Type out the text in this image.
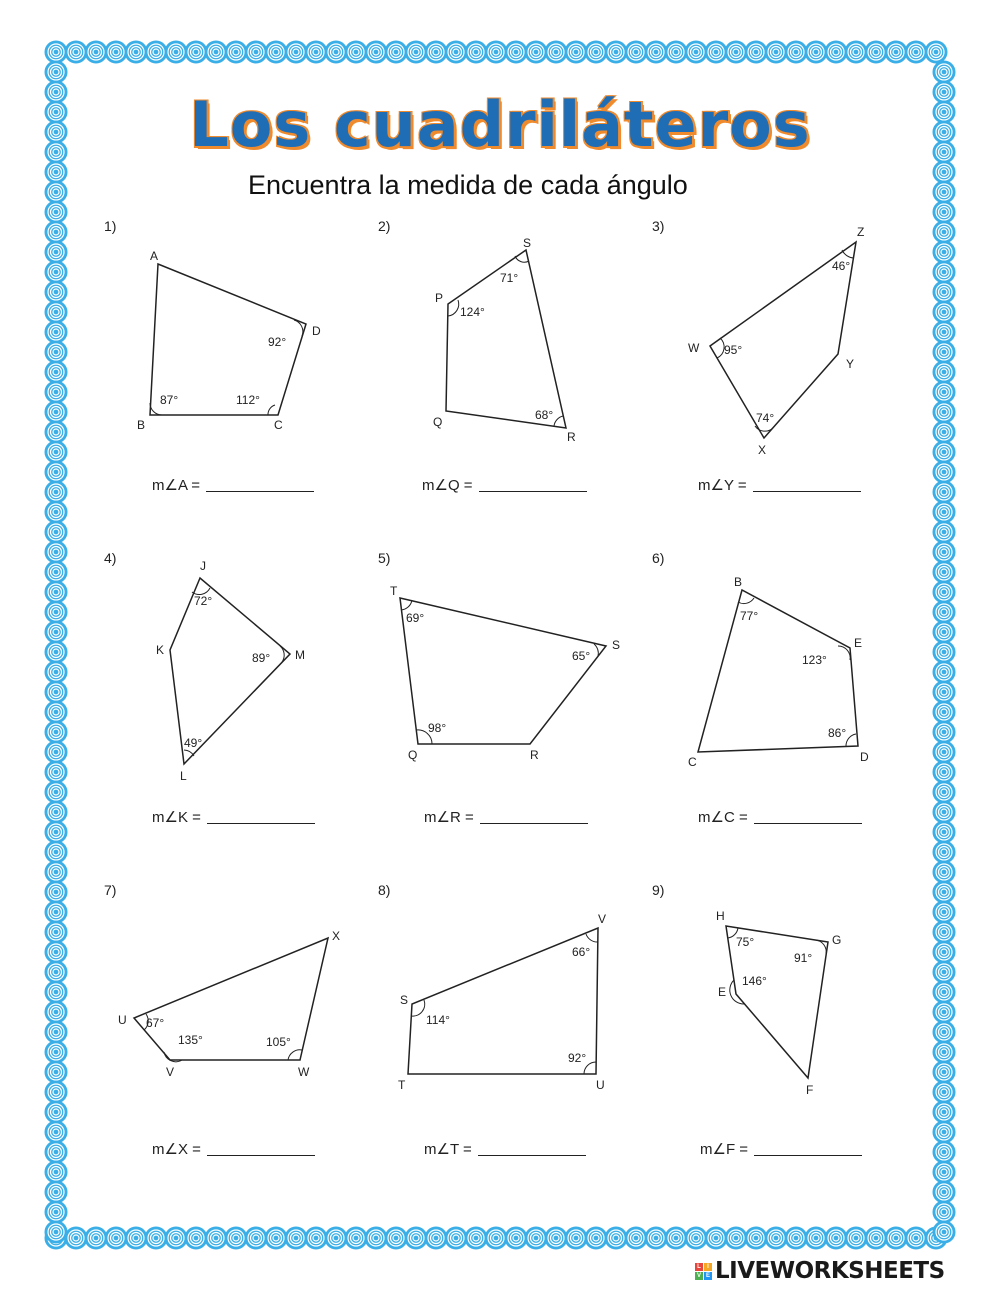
Los cuadriláteros
Encuentra la medida de cada ángulo
1)
A
B	C
D
87°	112°
92°
m∠A =
2)
P
Q
R
S
124°
68°
71°
m∠Q =
3)
W
X
Y
Z
95°
74°
46°
m∠Y =
4)	J
K
L
M
72°
49°
89°
m∠K =
5)
T
Q	R
S
69°
98°
65°
m∠R =
6)
B
C	D
E
77°
86°
123°
m∠C =
7)
U
V	W
X
67°
135°	105°
m∠X =
8)
S
T	U
V
114°
92°
66°
m∠T =
9)
H
E
F
G
75°
146°
91°
m∠F =
L	I
V E LIVEWORKSHEETS
